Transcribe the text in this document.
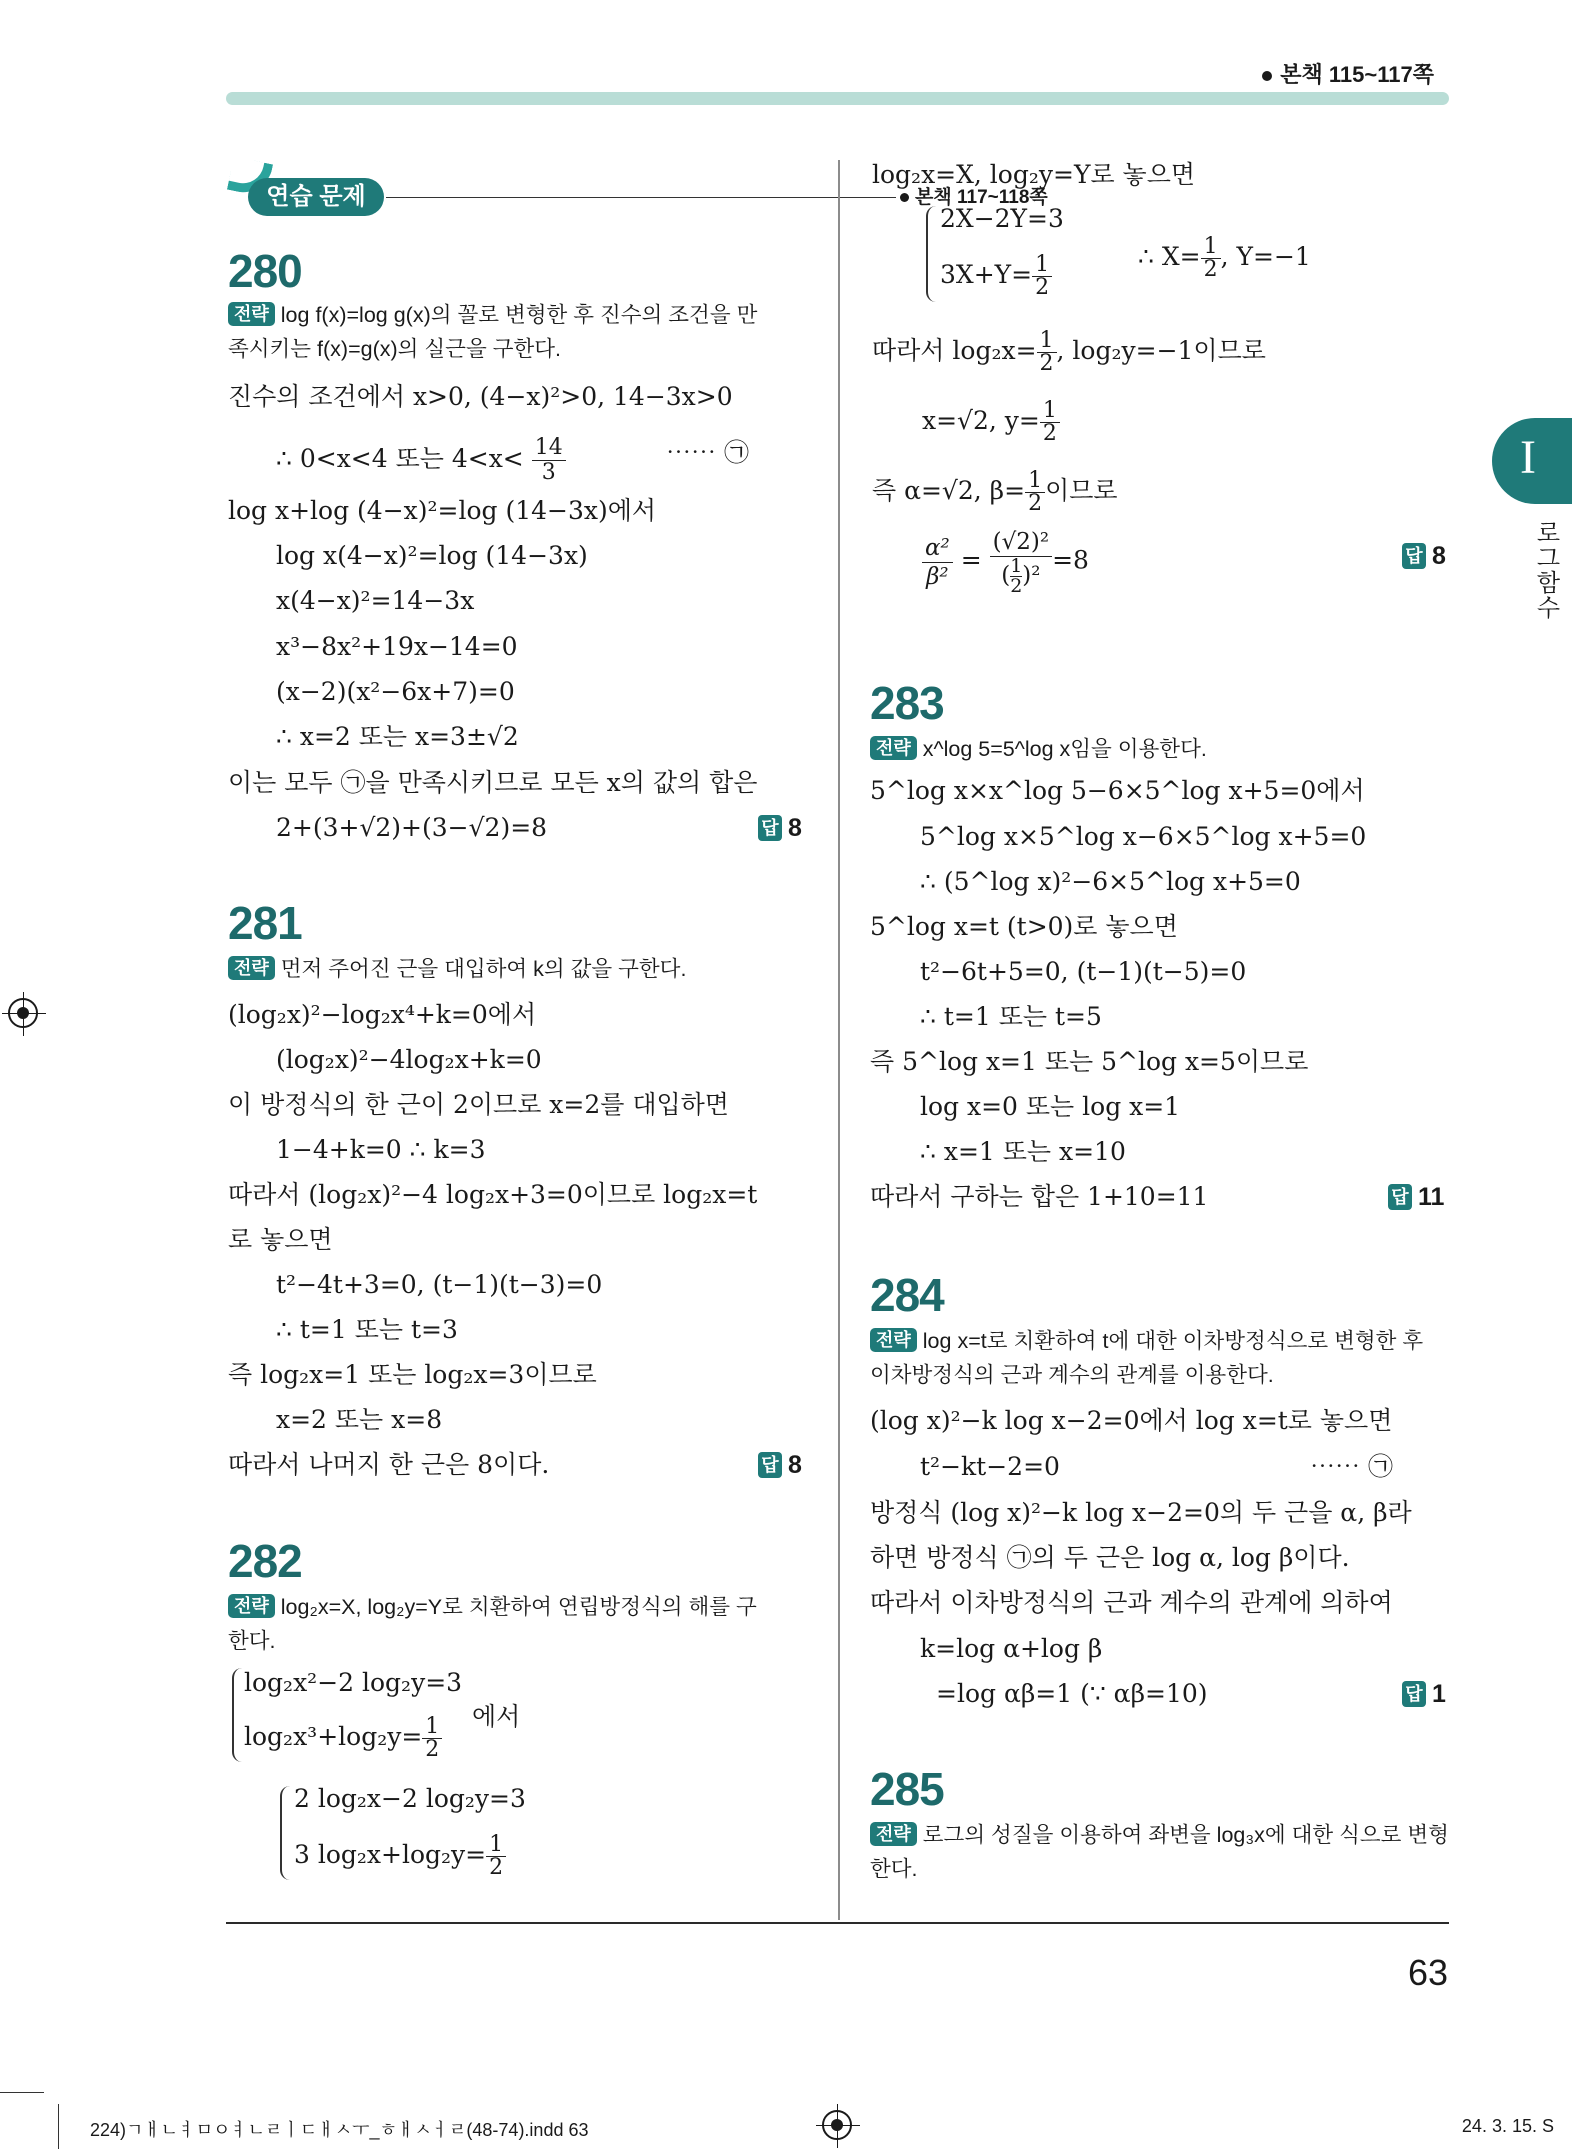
본책 115~117쪽
연습 문제	본책 117~118쪽
280
전략 log f(x)=log g(x)의 꼴로 변형한 후 진수의 조건을 만
족시키는 f(x)=g(x)의 실근을 구한다.
진수의 조건에서 x>0, (4−x)²>0, 14−3x>0
∴ 0<x<4 또는 $4<x< \frac{14}{3}$	⋯⋯ ㉠
log x+log (4−x)²=log (14−3x)에서
log x(4−x)²=log (14−3x)
x(4−x)²=14−3x
x³−8x²+19x−14=0
(x−2)(x²−6x+7)=0
∴ x=2 또는 x=3±√2
이는 모두 ㉠을 만족시키므로 모든 x의 값의 합은
2+(3+√2)+(3−√2)=8	답 8
281
전략 먼저 주어진 근을 대입하여 k의 값을 구한다.
(log₂x)²−log₂x⁴+k=0에서
(log₂x)²−4log₂x+k=0
이 방정식의 한 근이 2이므로 x=2를 대입하면
1−4+k=0 ∴ k=3
따라서 (log₂x)²−4 log₂x+3=0이므로 log₂x=t
로 놓으면
t²−4t+3=0, (t−1)(t−3)=0
∴ t=1 또는 t=3
즉 log₂x=1 또는 log₂x=3이므로
x=2 또는 x=8
따라서 나머지 한 근은 8이다.	답 8
282
전략 log₂x=X, log₂y=Y로 치환하여 연립방정식의 해를 구
한다.
log₂x²−2 log₂y=3
$\log_2x^3+\log_2y= \frac{1}{2}$ 에서
2 log₂x−2 log₂y=3
3 $\log_2x+\log_2y= \frac{1}{2}$
log₂x=X, log₂y=Y로 놓으면
2X−2Y=3
$3X+Y= \frac{1}{2}$	∴ $X= \frac{1}{2}$ , Y=−1
따라서 $\log_2x= \frac{1}{2}$ , log₂y=−1이므로
x=√2, $y= \frac{1}{2}$
즉 α=√2, $\beta= \frac{1}{2}$ 이므로
$\frac{\text{α²}}{\text{β²}} = \frac{\text{(√2)²}}{( \frac{1}{2} )^2} =8$	답 8
283
전략 x^log 5=5^log x임을 이용한다.
5^log x×x^log 5−6×5^log x+5=0에서
5^log x×5^log x−6×5^log x+5=0
∴ (5^log x)²−6×5^log x+5=0
5^log x=t (t>0)로 놓으면
t²−6t+5=0, (t−1)(t−5)=0
∴ t=1 또는 t=5
즉 5^log x=1 또는 5^log x=5이므로
log x=0 또는 log x=1
∴ x=1 또는 x=10
따라서 구하는 합은 1+10=11	답 11
284
전략 log x=t로 치환하여 t에 대한 이차방정식으로 변형한 후
이차방정식의 근과 계수의 관계를 이용한다.
(log x)²−k log x−2=0에서 log x=t로 놓으면
t²−kt−2=0	⋯⋯ ㉠
방정식 (log x)²−k log x−2=0의 두 근을 α, β라
하면 방정식 ㉠의 두 근은 log α, log β이다.
따라서 이차방정식의 근과 계수의 관계에 의하여
k=log α+log β
=log αβ=1 (∵ αβ=10)	답 1
285
전략 로그의 성질을 이용하여 좌변을 log₃x에 대한 식으로 변형
한다.
I
로그함수
63
224)ㄱㅐㄴㅕㅁㅇㅕㄴㄹㅣㄷㅐㅅㅜ_ㅎㅐㅅㅓㄹ(48-74).indd 63	24. 3. 15. S
